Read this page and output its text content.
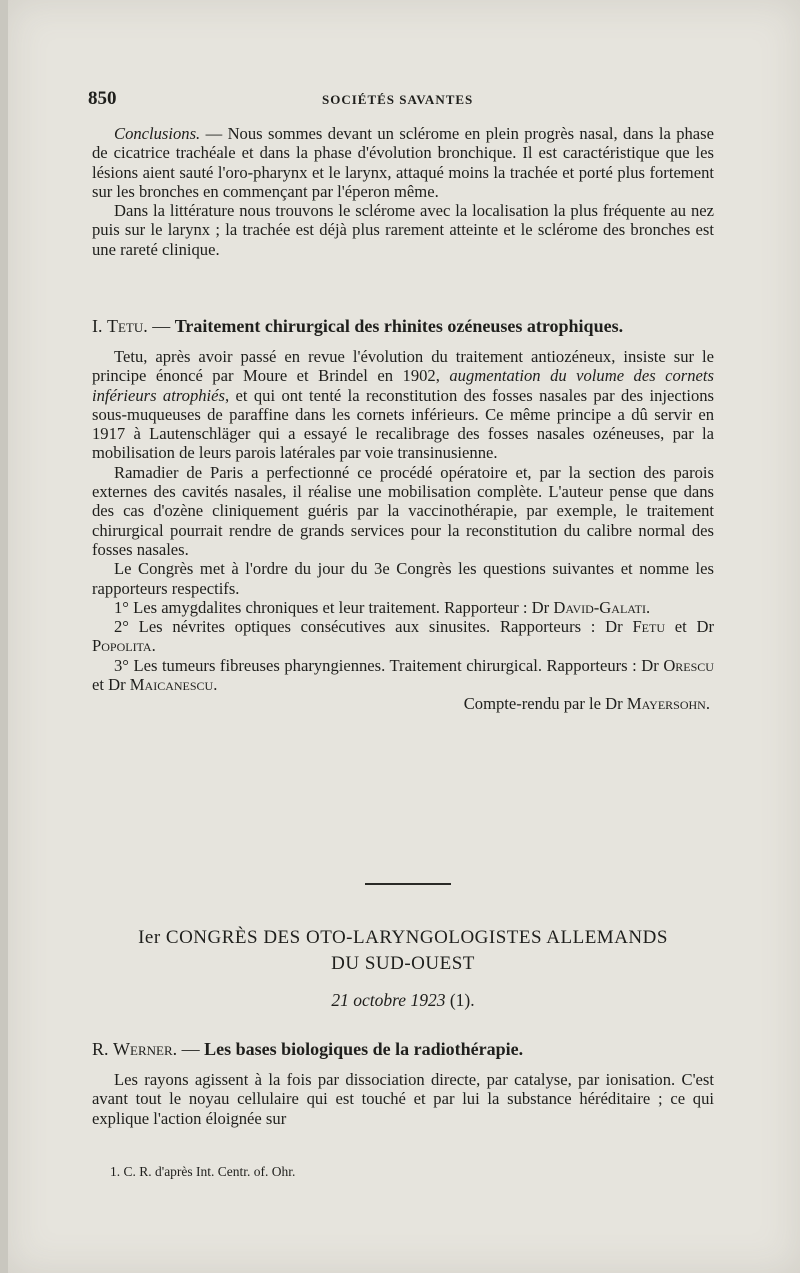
850	SOCIÉTÉS SAVANTES

Conclusions. — Nous sommes devant un sclérome en plein progrès nasal, dans la phase de cicatrice trachéale et dans la phase d'évolution bronchique. Il est caractéristique que les lésions aient sauté l'oro-pharynx et le larynx, attaqué moins la trachée et porté plus fortement sur les bronches en commençant par l'éperon même.

Dans la littérature nous trouvons le sclérome avec la localisation la plus fréquente au nez puis sur le larynx ; la trachée est déjà plus rarement atteinte et le sclérome des bronches est une rareté clinique.

I. Tetu. — Traitement chirurgical des rhinites ozéneuses atrophiques.

Tetu, après avoir passé en revue l'évolution du traitement antiozéneux, insiste sur le principe énoncé par Moure et Brindel en 1902, augmentation du volume des cornets inférieurs atrophiés, et qui ont tenté la reconstitution des fosses nasales par des injections sous-muqueuses de paraffine dans les cornets inférieurs. Ce même principe a dû servir en 1917 à Lautenschläger qui a essayé le recalibrage des fosses nasales ozéneuses, par la mobilisation de leurs parois latérales par voie transinusienne.

Ramadier de Paris a perfectionné ce procédé opératoire et, par la section des parois externes des cavités nasales, il réalise une mobilisation complète. L'auteur pense que dans des cas d'ozène cliniquement guéris par la vaccinothérapie, par exemple, le traitement chirurgical pourrait rendre de grands services pour la reconstitution du calibre normal des fosses nasales.

Le Congrès met à l'ordre du jour du 3e Congrès les questions suivantes et nomme les rapporteurs respectifs.

1° Les amygdalites chroniques et leur traitement. Rapporteur : Dr David-Galati.

2° Les névrites optiques consécutives aux sinusites. Rapporteurs : Dr Fetu et Dr Popolita.

3° Les tumeurs fibreuses pharyngiennes. Traitement chirurgical. Rapporteurs : Dr Orescu et Dr Maicanescu.

Compte-rendu par le Dr Mayersohn.

Ier CONGRÈS DES OTO-LARYNGOLOGISTES ALLEMANDS
DU SUD-OUEST
21 octobre 1923 (1).
R. Werner. — Les bases biologiques de la radiothérapie.

Les rayons agissent à la fois par dissociation directe, par catalyse, par ionisation. C'est avant tout le noyau cellulaire qui est touché et par lui la substance héréditaire ; ce qui explique l'action éloignée sur

1. C. R. d'après Int. Centr. of. Ohr.
